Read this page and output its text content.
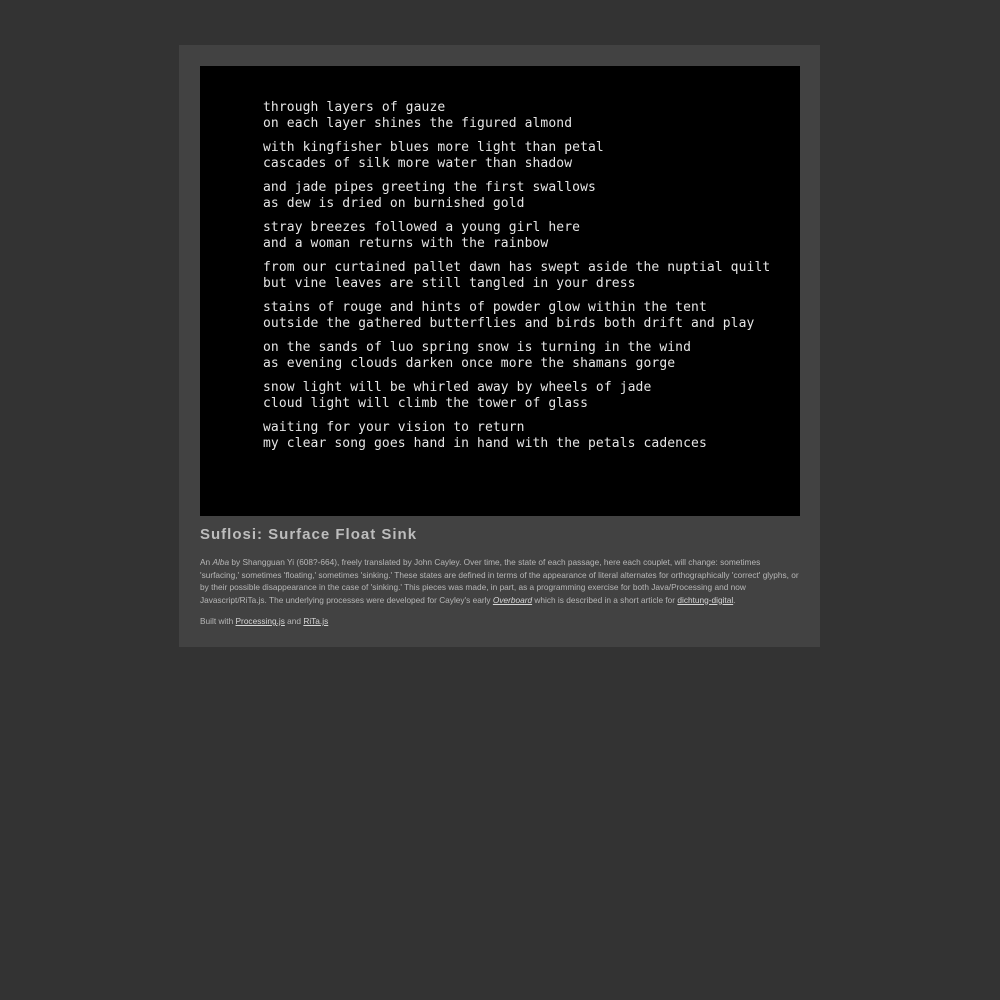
through layers of gauze
on each layer shines the figured almond
with kingfisher blues more light than petal
cascades of silk more water than shadow
and jade pipes greeting the first swallows
as dew is dried on burnished gold
stray breezes followed a young girl here
and a woman returns with the rainbow
from our curtained pallet dawn has swept aside the nuptial quilt
but vine leaves are still tangled in your dress
stains of rouge and hints of powder glow within the tent
outside the gathered butterflies and birds both drift and play
on the sands of luo spring snow is turning in the wind
as evening clouds darken once more the shamans gorge
snow light will be whirled away by wheels of jade
cloud light will climb the tower of glass
waiting for your vision to return
my clear song goes hand in hand with the petals cadences
Suflosi: Surface Float Sink

An Alba by Shangguan Yi (608?-664), freely translated by John Cayley. Over time, the state of each passage, here each couplet, will change: sometimes 'surfacing,' sometimes 'floating,' sometimes 'sinking.' These states are defined in terms of the appearance of literal alternates for orthographically 'correct' glyphs, or by their possible disappearance in the case of 'sinking.' This pieces was made, in part, as a programming exercise for both Java/Processing and now Javascript/RiTa.js. The underlying processes were developed for Cayley's early Overboard which is described in a short article for dichtung-digital.

Built with Processing.js and RiTa.js
